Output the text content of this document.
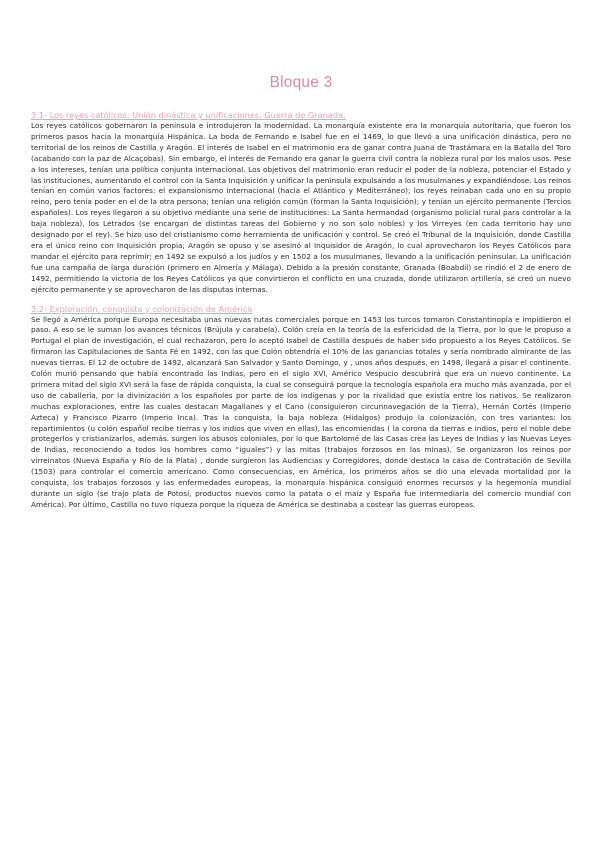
Bloque 3

3.1- Los reyes católicos: Unión dinástica y unificaciones. Guerra de Granada.

Los reyes católicos gobernaron la península e introdujeron la modernidad. La monarquía existente era la monarquía autoritaria, que fueron los primeros pasos hacia la monarquía Hispánica. La boda de Fernando e Isabel fue en el 1469, lo que llevó a una unificación dinástica, pero no territorial de los reinos de Castilla y Aragón. El interés de Isabel en el matrimonio era de ganar contra Juana de Trastámara en la Batalla del Toro (acabando con la paz de Alcaçobas). Sin embargo, el interés de Fernando era ganar la guerra civil contra la nobleza rural por los malos usos. Pese a los intereses, tenían una política conjunta internacional. Los objetivos del matrimonio eran reducir el poder de la nobleza, potenciar el Estado y las instituciones, aumentando el control con la Santa Inquisición y unificar la península expulsando a los musulmanes y expandiéndose. Los reinos tenían en común varios factores: el expansionismo internacional (hacia el Atlántico y Mediterráneo); los reyes reinaban cada uno en su propio reino, pero tenía poder en el de la otra persona; tenían una religión común (forman la Santa Inquisición); y tenían un ejército permanente (Tercios españoles). Los reyes llegaron a su objetivo mediante una serie de instituciones: La Santa hermandad (organismo policial rural para controlar a la baja nobleza), los Letrados (se encargan de distintas tareas del Gobierno y no son solo nobles) y los Virreyes (en cada territorio hay uno designado por el rey). Se hizo uso del cristianismo como herramienta de unificación y control. Se creó el Tribunal de la Inquisición, donde Castilla era el único reino con Inquisición propia; Aragón se opuso y se asesinó al Inquisidor de Aragón, lo cual aprovecharon los Reyes Católicos para mandar el ejército para reprimir; en 1492 se expulsó a los judíos y en 1502 a los musulmanes, llevando a la unificación peninsular. La unificación fue una campaña de larga duración (primero en Almería y Málaga). Debido a la presión constante, Granada (Boabdil) se rindió el 2 de enero de 1492, permitiendo la victoria de los Reyes Católicos ya que convirtieron el conflicto en una cruzada, donde utilizaron artillería, se creó un nuevo ejército permanente y se aprovecharon de las disputas internas.

3.2- Exploración, conquista y colonización de América

Se llegó a América porque Europa necesitaba unas nuevas rutas comerciales porque en 1453 los turcos tomaron Constantinopla e impidieron el paso. A eso se le suman los avances técnicos (Brújula y carabela). Colón creía en la teoría de la esfericidad de la Tierra, por lo que le propuso a Portugal el plan de investigación, el cual rechazaron, pero lo aceptó Isabel de Castilla después de haber sido propuesto a los Reyes Católicos. Se firmaron las Capitulaciones de Santa Fé en 1492, con las que Colón obtendría el 10% de las ganancias totales y sería nombrado almirante de las nuevas tierras. El 12 de octubre de 1492, alcanzará San Salvador y Santo Domingo, y , unos años después, en 1498, llegará a pisar el continente. Colón murió pensando que había encontrado las Indias, pero en el siglo XVI, Américo Vespucio descubrirá que era un nuevo continente. La primera mitad del siglo XVI será la fase de rápida conquista, la cual se conseguirá porque la tecnología española era mucho más avanzada, por el uso de caballería, por la divinización a los españoles por parte de los indígenas y por la rivalidad que existía entre los nativos. Se realizaron muchas exploraciones, entre las cuales destacan Magallanes y el Cano (consiguieron circunnavegación de la Tierra), Hernán Cortés (Imperio Azteca) y Francisco Pizarro (Imperio Inca). Tras la conquista, la baja nobleza (Hidalgos) produjo la colonización, con tres variantes: los repartimientos (u colón español recibe tierras y los indios que viven en ellas), las encomiendas ( la corona da tierras e indios, pero el noble debe protegerlos y cristianizarlos, además. surgen los abusos coloniales, por lo que Bartolomé de las Casas crea las Leyes de Indias y las Nuevas Leyes de Indias, reconociendo a todos los hombres como “iguales”) y las mitas (trabajos forzosos en las minas). Se organizaron los reinos por virreinatos (Nueva España y Río de la Plata) , donde surgieron las Audiencias y Corregidores, donde destaca la casa de Contratación de Sevilla (1503) para controlar el comercio americano. Como consecuencias, en América, los primeros años se dio una elevada mortalidad por la conquista, los trabajos forzosos y las enfermedades europeas, la monarquía hispánica consiguió enormes recursos y la hegemonía mundial durante un siglo (se trajo plata de Potosí, productos nuevos como la patata o el maíz y España fue intermediaria del comercio mundial con América). Por último, Castilla no tuvo riqueza porque la riqueza de América se destinaba a costear las guerras europeas.
